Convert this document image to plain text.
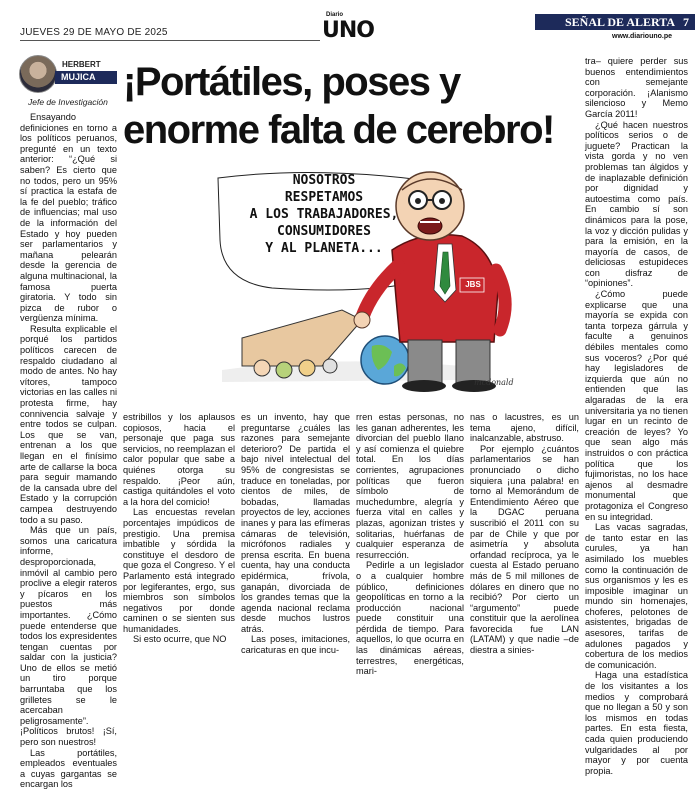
JUEVES 29 DE MAYO DE 2025
Diario
UNO	SEÑAL DE ALERTA 7
www.diariouno.pe
HERBERT
MUJICA
Jefe de Investigación ¡Portátiles, poses y enorme falta de cerebro!

Ensayando definiciones en torno a los políticos peruanos, pregunté en un texto anterior: “¿Qué si saben? Es cierto que no todos, pero un 95% sí practica la estafa de la fe del pueblo; tráfico de influencias; mal uso de la información del Estado y hoy pueden ser parlamentarios y mañana pelearán desde la gerencia de alguna multinacional, la famosa puerta giratoria. Y todo sin pizca de rubor o vergüenza mínima.

Resulta explicable el porqué los partidos políticos carecen de respaldo ciudadano al modo de antes. No hay vítores, tampoco victorias en las calles ni protesta firme, hay connivencia salvaje y entre todos se culpan. Los que se van, entrenan a los que llegan en el finísimo arte de callarse la boca para seguir mamando de la cansada ubre del Estado y la corrupción campea destruyendo todo a su paso.

Más que un país, somos una caricatura informe, desproporcionada, inmóvil al cambio pero proclive a elegir rateros y pícaros en los puestos más importantes. ¿Cómo puede entenderse que todos los expresidentes tengan cuentas por saldar con la justicia? Uno de ellos se metió un tiro porque barruntaba que los grilletes se le acercaban peligrosamente”. ¡Políticos brutos! ¡Sí, pero son nuestros!

Las portátiles, empleados eventuales a cuyas gargantas se encargan los

NOSOTROS
RESPETAMOS
A LOS TRABAJADORES,
CONSUMIDORES
Y AL PLANETA...
JBS
mcdonald

estribillos y los aplausos copiosos, hacia el personaje que paga sus servicios, no reemplazan el calor popular que sabe a quiénes otorga su respaldo. ¡Peor aún, castiga quitándoles el voto a la hora del comicio!

Las encuestas revelan porcentajes impúdicos de prestigio. Una premisa imbatible y sórdida la constituye el desdoro de que goza el Congreso. Y el Parlamento está integrado por legiferantes, ergo, sus miembros son símbolos negativos por donde caminen o se sienten sus humanidades.

Si esto ocurre, que NO

es un invento, hay que preguntarse ¿cuáles las razones para semejante deterioro? De partida el bajo nivel intelectual del 95% de congresistas se traduce en toneladas, por cientos de miles, de bobadas, llamadas proyectos de ley, acciones inanes y para las efímeras cámaras de televisión, micrófonos radiales y prensa escrita. En buena cuenta, hay una conducta epidérmica, frívola, ganapán, divorciada de los grandes temas que la agenda nacional reclama desde muchos lustros atrás.

Las poses, imitaciones, caricaturas en que incu-

rren estas personas, no les ganan adherentes, les divorcian del pueblo llano y así comienza el quiebre total. En los días corrientes, agrupaciones políticas que fueron símbolo de muchedumbre, alegría y fuerza vital en calles y plazas, agonizan tristes y solitarias, huérfanas de cualquier esperanza de resurrección.

Pedirle a un legislador o a cualquier hombre público, definiciones geopolíticas en torno a la producción nacional puede constituir una pérdida de tiempo. Para aquellos, lo que ocurra en las dinámicas aéreas, terrestres, energéticas, mari-

nas o lacustres, es un tema ajeno, difícil, inalcanzable, abstruso.

Por ejemplo ¿cuántos parlamentarios se han pronunciado o dicho siquiera ¡una palabra! en torno al Memorándum de Entendimiento Aéreo que la DGAC peruana suscribió el 2011 con su par de Chile y que por asimetría y absoluta orfandad recíproca, ya le cuesta al Estado peruano más de 5 mil millones de dólares en dinero que no recibió? Por cierto un “argumento” puede constituir que la aerolínea favorecida fue LAN (LATAM) y que nadie –de diestra a sinies-

tra– quiere perder sus buenos entendimientos con semejante corporación. ¡Alanismo silencioso y Memo García 2011!

¿Qué hacen nuestros políticos serios o de juguete? Practican la vista gorda y no ven problemas tan álgidos y de inaplazable definición por dignidad y autoestima como país. En cambio sí son dinámicos para la pose, la voz y dicción pulidas y para la emisión, en la mayoría de casos, de deliciosas estupideces con disfraz de “opiniones”.

¿Cómo puede explicarse que una mayoría se expida con tanta torpeza gárrula y faculte a genuinos débiles mentales como sus voceros? ¿Por qué hay legisladores de izquierda que aún no entienden que las algaradas de la era universitaria ya no tienen lugar en un recinto de creación de leyes? Yo que sean algo más instruidos o con práctica política que los fujimoristas, no los hace ajenos al desmadre monumental que protagoniza el Congreso en su integridad.

Las vacas sagradas, de tanto estar en las curules, ya han asimilado los muebles como la continuación de sus organismos y les es imposible imaginar un mundo sin homenajes, choferes, pelotones de asistentes, brigadas de asesores, tarifas de adulones pagados y cobertura de los medios de comunicación.

Haga una estadística de los visitantes a los medios y comprobará que no llegan a 50 y son los mismos en todas partes. En esta fiesta, cada quien produciendo vulgaridades al por mayor y por cuenta propia.
